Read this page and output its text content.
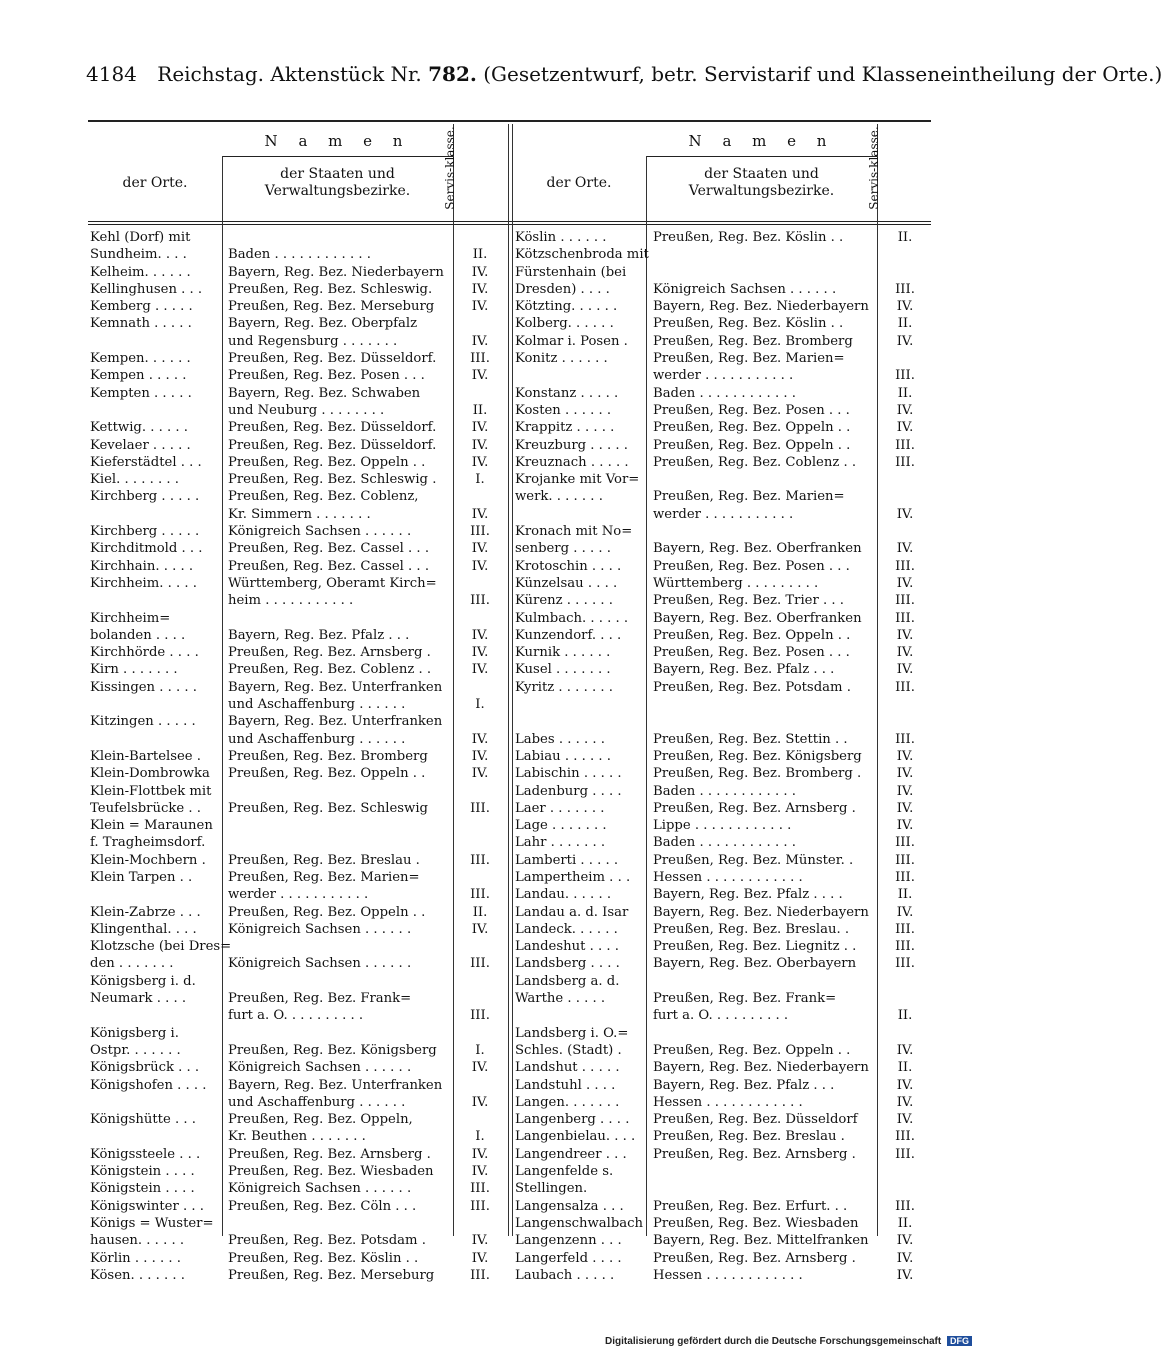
4184 Reichstag. Aktenstück Nr. 782. (Gesetzentwurf, betr. Servistarif und Klasseneintheilung der Orte.)
N a m e n
der Orte.
der Staaten und Verwaltungsbezirke.	Servis-klasse.	N a m e n
der Orte.
der Staaten und Verwaltungsbezirke.	Servis-klasse.
Kehl (Dorf) mit
Sundheim. . . .	Baden . . . . . . . . . . . .	II.
Kelheim. . . . . .	Bayern, Reg. Bez. Niederbayern	IV.
Kellinghusen . . .	Preußen, Reg. Bez. Schleswig.	IV.
Kemberg . . . . .	Preußen, Reg. Bez. Merseburg	IV.
Kemnath . . . . .	Bayern, Reg. Bez. Oberpfalz
und Regensburg . . . . . . .	IV.
Kempen. . . . . .	Preußen, Reg. Bez. Düsseldorf.	III.
Kempen . . . . .	Preußen, Reg. Bez. Posen . . .	IV.
Kempten . . . . .	Bayern, Reg. Bez. Schwaben
und Neuburg . . . . . . . .	II.
Kettwig. . . . . .	Preußen, Reg. Bez. Düsseldorf.	IV.
Kevelaer . . . . .	Preußen, Reg. Bez. Düsseldorf.	IV.
Kieferstädtel . . .	Preußen, Reg. Bez. Oppeln . .	IV.
Kiel. . . . . . . .	Preußen, Reg. Bez. Schleswig .	I.
Kirchberg . . . . .	Preußen, Reg. Bez. Coblenz,
Kr. Simmern . . . . . . .	IV.
Kirchberg . . . . .	Königreich Sachsen . . . . . .	III.
Kirchditmold . . .	Preußen, Reg. Bez. Cassel . . .	IV.
Kirchhain. . . . .	Preußen, Reg. Bez. Cassel . . .	IV.
Kirchheim. . . . .	Württemberg, Oberamt Kirch=
heim . . . . . . . . . . .	III.
Kirchheim=
bolanden . . . .	Bayern, Reg. Bez. Pfalz . . .	IV.
Kirchhörde . . . .	Preußen, Reg. Bez. Arnsberg .	IV.
Kirn . . . . . . .	Preußen, Reg. Bez. Coblenz . .	IV.
Kissingen . . . . .	Bayern, Reg. Bez. Unterfranken
und Aschaffenburg . . . . . .	I.
Kitzingen . . . . .	Bayern, Reg. Bez. Unterfranken
und Aschaffenburg . . . . . .	IV.
Klein-Bartelsee .	Preußen, Reg. Bez. Bromberg	IV.
Klein-Dombrowka	Preußen, Reg. Bez. Oppeln . .	IV.
Klein-Flottbek mit
Teufelsbrücke . .	Preußen, Reg. Bez. Schleswig	III.
Klein = Maraunen
f. Tragheimsdorf.
Klein-Mochbern .	Preußen, Reg. Bez. Breslau .	III.
Klein Tarpen . .	Preußen, Reg. Bez. Marien=
werder . . . . . . . . . . .	III.
Klein-Zabrze . . .	Preußen, Reg. Bez. Oppeln . .	II.
Klingenthal. . . .	Königreich Sachsen . . . . . .	IV.
Klotzsche (bei Dres=
den . . . . . . .	Königreich Sachsen . . . . . .	III.
Königsberg i. d.
Neumark . . . .	Preußen, Reg. Bez. Frank=
furt a. O. . . . . . . . . .	III.
Königsberg i.
Ostpr. . . . . . .	Preußen, Reg. Bez. Königsberg	I.
Königsbrück . . .	Königreich Sachsen . . . . . .	IV.
Königshofen . . . .	Bayern, Reg. Bez. Unterfranken
und Aschaffenburg . . . . . .	IV.
Königshütte . . .	Preußen, Reg. Bez. Oppeln,
Kr. Beuthen . . . . . . .	I.
Königssteele . . .	Preußen, Reg. Bez. Arnsberg .	IV.
Königstein . . . .	Preußen, Reg. Bez. Wiesbaden	IV.
Königstein . . . .	Königreich Sachsen . . . . . .	III.
Königswinter . . .	Preußen, Reg. Bez. Cöln . . .	III.
Königs = Wuster=
hausen. . . . . .	Preußen, Reg. Bez. Potsdam .	IV.
Körlin . . . . . .	Preußen, Reg. Bez. Köslin . .	IV.
Kösen. . . . . . .	Preußen, Reg. Bez. Merseburg	III.
Köslin . . . . . .	Preußen, Reg. Bez. Köslin . .	II.
Kötzschenbroda mit
Fürstenhain (bei
Dresden) . . . .	Königreich Sachsen . . . . . .	III.
Kötzting. . . . . .	Bayern, Reg. Bez. Niederbayern	IV.
Kolberg. . . . . .	Preußen, Reg. Bez. Köslin . .	II.
Kolmar i. Posen .	Preußen, Reg. Bez. Bromberg	IV.
Konitz . . . . . .	Preußen, Reg. Bez. Marien=
werder . . . . . . . . . . .	III.
Konstanz . . . . .	Baden . . . . . . . . . . . .	II.
Kosten . . . . . .	Preußen, Reg. Bez. Posen . . .	IV.
Krappitz . . . . .	Preußen, Reg. Bez. Oppeln . .	IV.
Kreuzburg . . . . .	Preußen, Reg. Bez. Oppeln . .	III.
Kreuznach . . . . .	Preußen, Reg. Bez. Coblenz . .	III.
Krojanke mit Vor=
werk. . . . . . .	Preußen, Reg. Bez. Marien=
werder . . . . . . . . . . .	IV.
Kronach mit No=
senberg . . . . .	Bayern, Reg. Bez. Oberfranken	IV.
Krotoschin . . . .	Preußen, Reg. Bez. Posen . . .	III.
Künzelsau . . . .	Württemberg . . . . . . . . .	IV.
Kürenz . . . . . .	Preußen, Reg. Bez. Trier . . .	III.
Kulmbach. . . . . .	Bayern, Reg. Bez. Oberfranken	III.
Kunzendorf. . . .	Preußen, Reg. Bez. Oppeln . .	IV.
Kurnik . . . . . .	Preußen, Reg. Bez. Posen . . .	IV.
Kusel . . . . . . .	Bayern, Reg. Bez. Pfalz . . .	IV.
Kyritz . . . . . . .	Preußen, Reg. Bez. Potsdam .	III.
Labes . . . . . .	Preußen, Reg. Bez. Stettin . .	III.
Labiau . . . . . .	Preußen, Reg. Bez. Königsberg	IV.
Labischin . . . . .	Preußen, Reg. Bez. Bromberg .	IV.
Ladenburg . . . .	Baden . . . . . . . . . . . .	IV.
Laer . . . . . . .	Preußen, Reg. Bez. Arnsberg .	IV.
Lage . . . . . . .	Lippe . . . . . . . . . . . .	IV.
Lahr . . . . . . .	Baden . . . . . . . . . . . .	III.
Lamberti . . . . .	Preußen, Reg. Bez. Münster. .	III.
Lampertheim . . .	Hessen . . . . . . . . . . . .	III.
Landau. . . . . .	Bayern, Reg. Bez. Pfalz . . . .	II.
Landau a. d. Isar	Bayern, Reg. Bez. Niederbayern	IV.
Landeck. . . . . .	Preußen, Reg. Bez. Breslau. .	III.
Landeshut . . . .	Preußen, Reg. Bez. Liegnitz . .	III.
Landsberg . . . .	Bayern, Reg. Bez. Oberbayern	III.
Landsberg a. d.
Warthe . . . . .	Preußen, Reg. Bez. Frank=
furt a. O. . . . . . . . . .	II.
Landsberg i. O.=
Schles. (Stadt) .	Preußen, Reg. Bez. Oppeln . .	IV.
Landshut . . . . .	Bayern, Reg. Bez. Niederbayern	II.
Landstuhl . . . .	Bayern, Reg. Bez. Pfalz . . .	IV.
Langen. . . . . . .	Hessen . . . . . . . . . . . .	IV.
Langenberg . . . .	Preußen, Reg. Bez. Düsseldorf	IV.
Langenbielau. . . .	Preußen, Reg. Bez. Breslau .	III.
Langendreer . . .	Preußen, Reg. Bez. Arnsberg .	III.
Langenfelde s.
Stellingen.
Langensalza . . .	Preußen, Reg. Bez. Erfurt. . .	III.
Langenschwalbach Preußen, Reg. Bez. Wiesbaden	II.
Langenzenn . . .	Bayern, Reg. Bez. Mittelfranken	IV.
Langerfeld . . . .	Preußen, Reg. Bez. Arnsberg .	IV.
Laubach . . . . .	Hessen . . . . . . . . . . . .	IV.
Digitalisierung gefördert durch die Deutsche Forschungsgemeinschaft DFG
